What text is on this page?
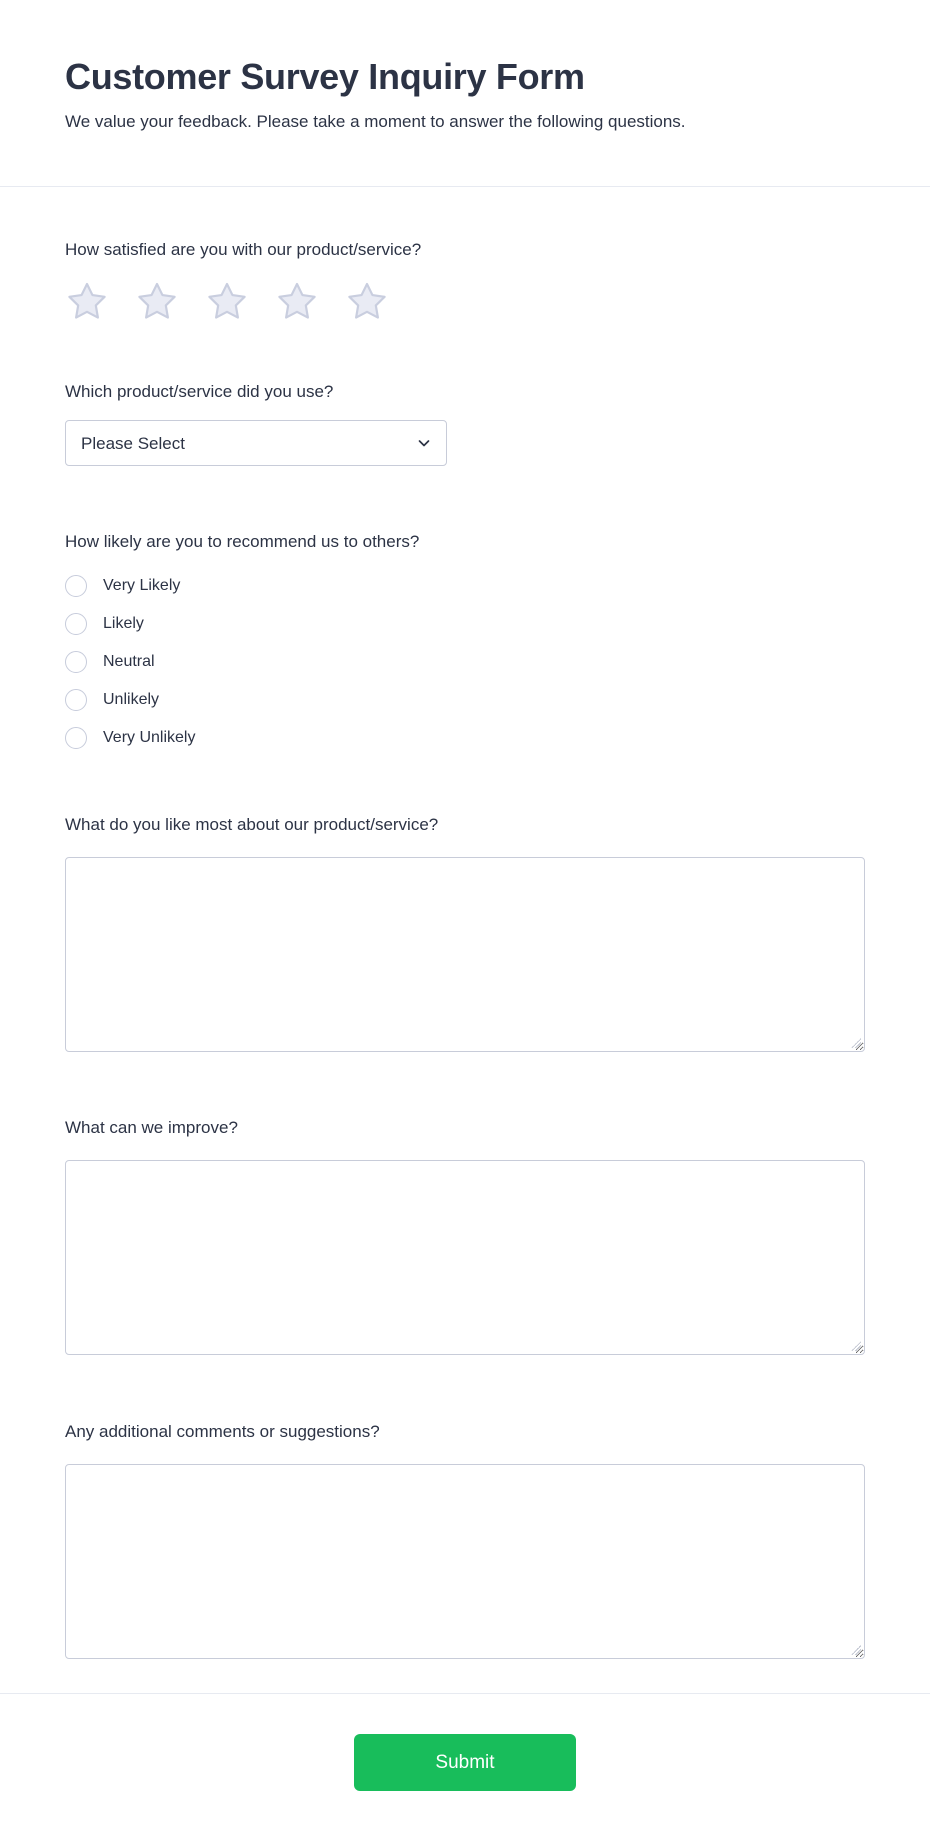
Customer Survey Inquiry Form

We value your feedback. Please take a moment to answer the following questions.

How satisfied are you with our product/service?
Which product/service did you use?
Please Select
How likely are you to recommend us to others?
Very Likely
Likely
Neutral
Unlikely
Very Unlikely
What do you like most about our product/service?
What can we improve?
Any additional comments or suggestions?
Submit
